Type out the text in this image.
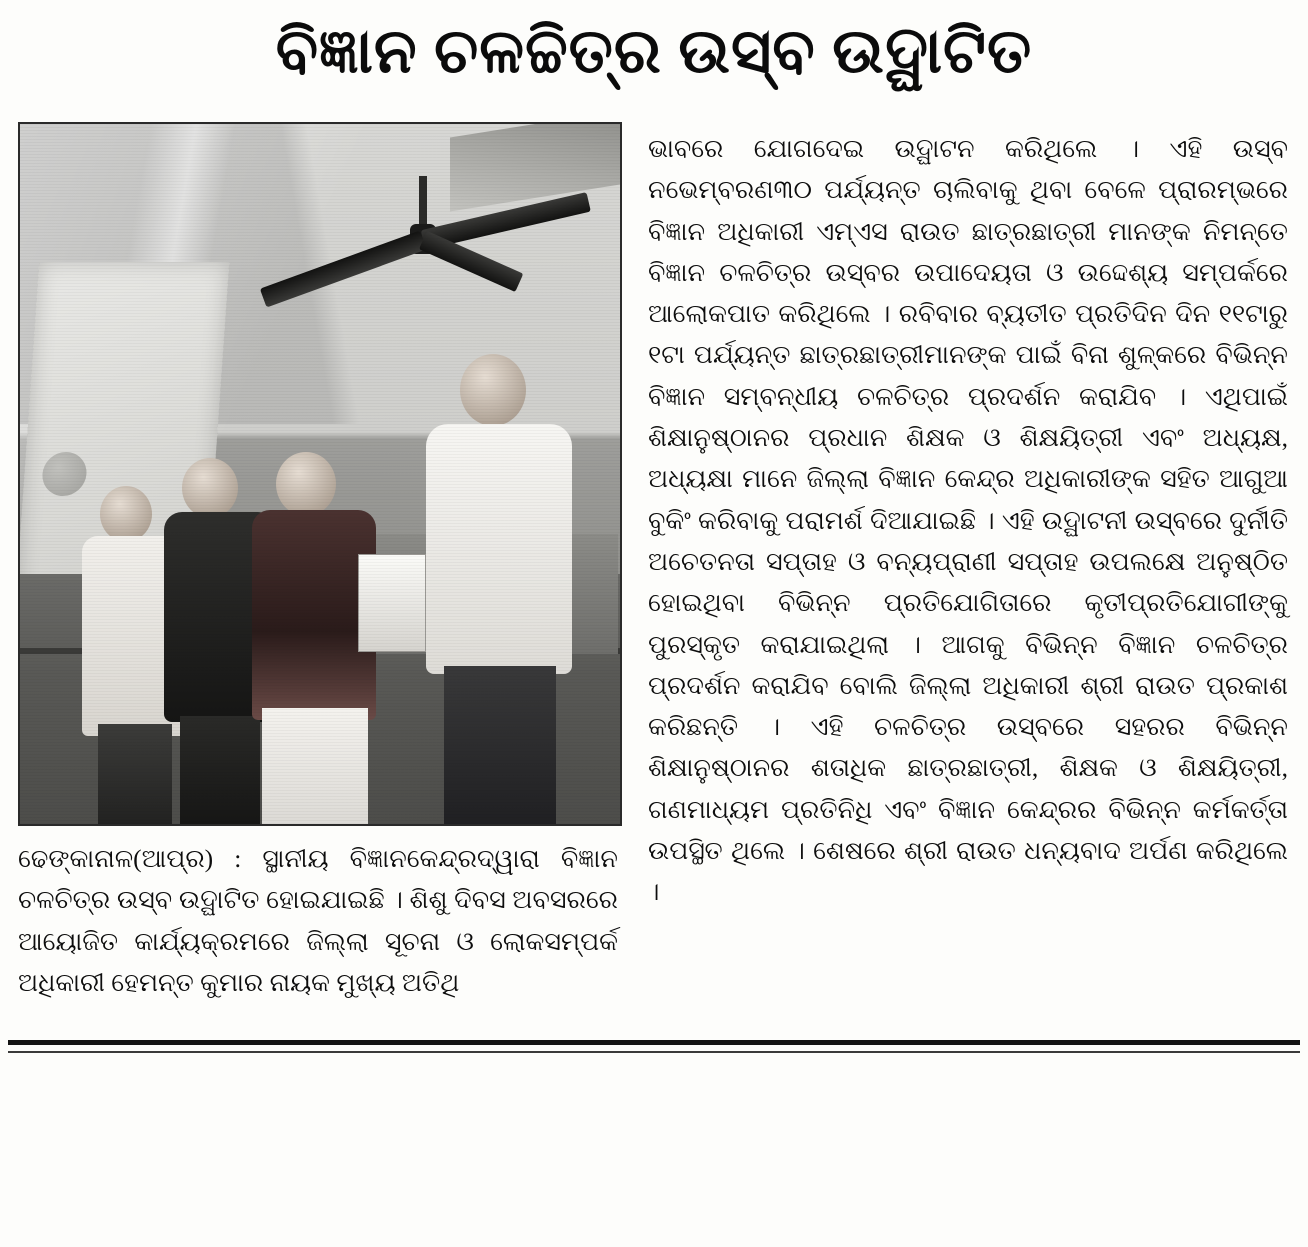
ବିଜ୍ଞାନ ଚଳଚ୍ଚିତ୍ର ଉସ୍ବ ଉଦ୍ଘାଟିତ

ଢେଙ୍କାନାଳ(ଆପ୍ର) : ସ୍ଥାନୀୟ ବିଜ୍ଞାନକେନ୍ଦ୍ରଦ୍ୱାରା ବିଜ୍ଞାନ ଚଳଚିତ୍ର ଉସ୍ବ ଉଦ୍ଘାଟିତ ହୋଇଯାଇଛି । ଶିଶୁ ଦିବସ ଅବସରରେ ଆୟୋଜିତ କାର୍ଯ୍ୟକ୍ରମରେ ଜିଲ୍ଲା ସୂଚନା ଓ ଲୋକସମ୍ପର୍କ ଅଧିକାରୀ ହେମନ୍ତ କୁମାର ନାୟକ ମୁଖ୍ୟ ଅତିଥି

ଭାବରେ ଯୋଗଦେଇ ଉଦ୍ଘାଟନ କରିଥିଲେ । ଏହି ଉସ୍ବ ନଭେମ୍ବରଣ୩୦ ପର୍ଯ୍ୟନ୍ତ ଚାଲିବାକୁ ଥିବା ବେଳେ ପ୍ରାରମ୍ଭରେ ବିଜ୍ଞାନ ଅଧିକାରୀ ଏମ୍‌ଏସ ରାଉତ ଛାତ୍ରଛାତ୍ରୀ ମାନଙ୍କ ନିମନ୍ତେ ବିଜ୍ଞାନ ଚଳଚିତ୍ର ଉସ୍ବର ଉପାଦେୟତା ଓ ଉଦ୍ଦେଶ୍ୟ ସମ୍ପର୍କରେ ଆଲୋକପାତ କରିଥିଲେ । ରବିବାର ବ୍ୟତୀତ ପ୍ରତିଦିନ ଦିନ ୧୧ଟାରୁ ୧ଟା ପର୍ଯ୍ୟନ୍ତ ଛାତ୍ରଛାତ୍ରୀମାନଙ୍କ ପାଇଁ ବିନା ଶୁଳ୍କରେ ବିଭିନ୍ନ ବିଜ୍ଞାନ ସମ୍ବନ୍ଧୀୟ ଚଳଚିତ୍ର ପ୍ରଦର୍ଶନ କରାଯିବ । ଏଥିପାଇଁ ଶିକ୍ଷାନୁଷ୍ଠାନର ପ୍ରଧାନ ଶିକ୍ଷକ ଓ ଶିକ୍ଷୟିତ୍ରୀ ଏବଂ ଅଧ୍ୟକ୍ଷ, ଅଧ୍ୟକ୍ଷା ମାନେ ଜିଲ୍ଲା ବିଜ୍ଞାନ କେନ୍ଦ୍ର ଅଧିକାରୀଙ୍କ ସହିତ ଆଗୁଆ ବୁକିଂ କରିବାକୁ ପରାମର୍ଶ ଦିଆଯାଇଛି । ଏହି ଉଦ୍ଘାଟନୀ ଉସ୍ବରେ ଦୁର୍ନୀତି ଅଚେତନତା ସପ୍ତାହ ଓ ବନ୍ୟପ୍ରାଣୀ ସପ୍ତାହ ଉପଲକ୍ଷେ ଅନୁଷ୍ଠିତ ହୋଇଥିବା ବିଭିନ୍ନ ପ୍ରତିଯୋଗିତାରେ କୃତୀପ୍ରତିଯୋଗୀଙ୍କୁ ପୁରସ୍କୃତ କରାଯାଇଥିଲା । ଆଗକୁ ବିଭିନ୍ନ ବିଜ୍ଞାନ ଚଳଚିତ୍ର ପ୍ରଦର୍ଶନ କରାଯିବ ବୋଲି ଜିଲ୍ଲା ଅଧିକାରୀ ଶ୍ରୀ ରାଉତ ପ୍ରକାଶ କରିଛନ୍ତି । ଏହି ଚଳଚିତ୍ର ଉସ୍ବରେ ସହରର ବିଭିନ୍ନ ଶିକ୍ଷାନୁଷ୍ଠାନର ଶତାଧିକ ଛାତ୍ରଛାତ୍ରୀ, ଶିକ୍ଷକ ଓ ଶିକ୍ଷୟିତ୍ରୀ, ଗଣମାଧ୍ୟମ ପ୍ରତିନିଧି ଏବଂ ବିଜ୍ଞାନ କେନ୍ଦ୍ରର ବିଭିନ୍ନ କର୍ମକର୍ତ୍ତା ଉପସ୍ଥିତ ଥିଲେ । ଶେଷରେ ଶ୍ରୀ ରାଉତ ଧନ୍ୟବାଦ ଅର୍ପଣ କରିଥିଲେ ।
